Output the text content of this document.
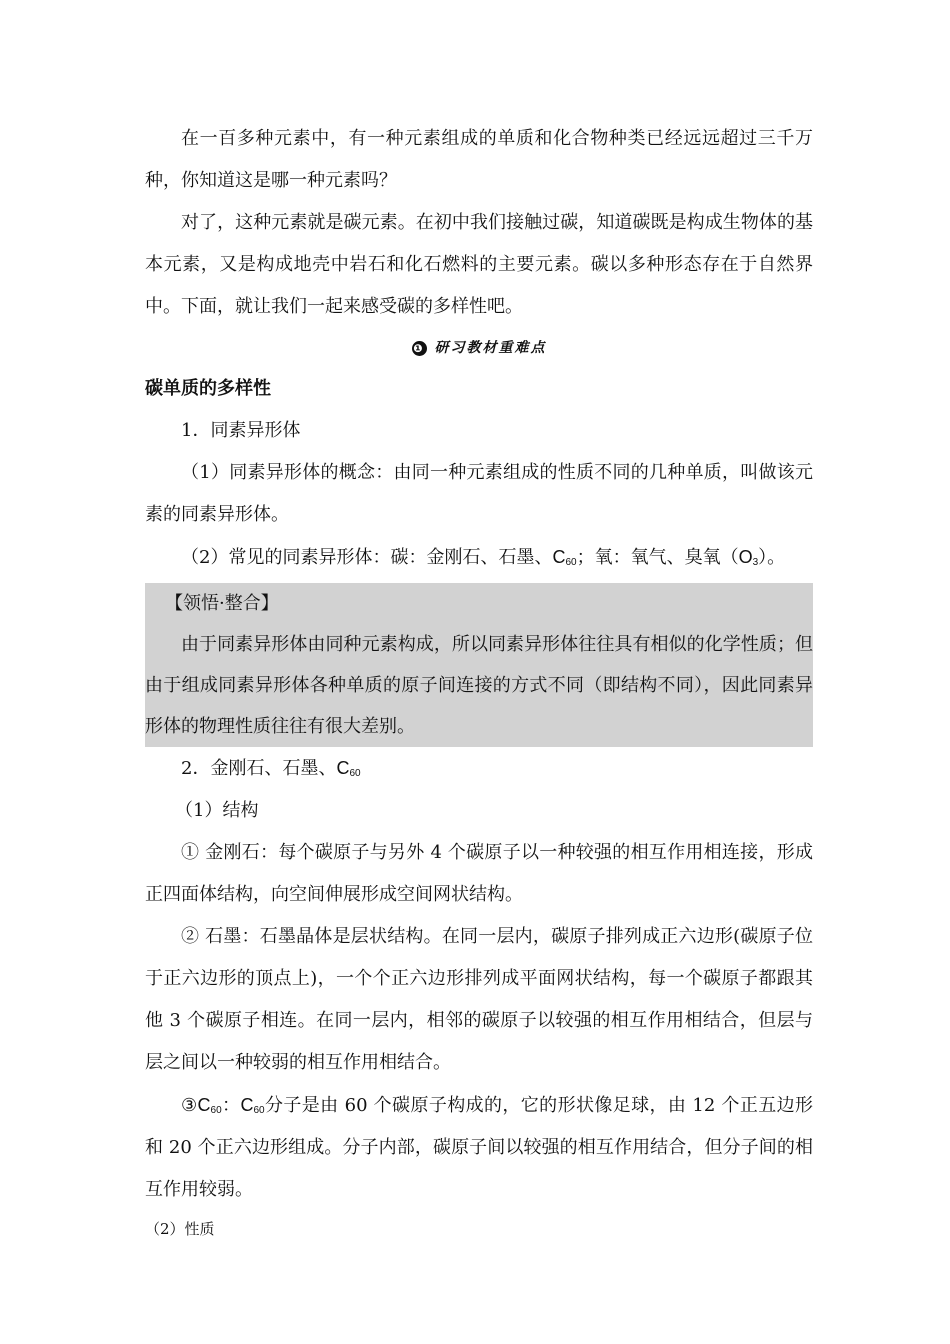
在一百多种元素中，有一种元素组成的单质和化合物种类已经远远超过三千万种，你知道这是哪一种元素吗？

对了，这种元素就是碳元素。在初中我们接触过碳，知道碳既是构成生物体的基本元素，又是构成地壳中岩石和化石燃料的主要元素。碳以多种形态存在于自然界中。下面，就让我们一起来感受碳的多样性吧。

❶ 研习教材重难点

碳单质的多样性

1．同素异形体

（1）同素异形体的概念：由同一种元素组成的性质不同的几种单质，叫做该元素的同素异形体。

（2）常见的同素异形体：碳：金刚石、石墨、$C_{60}$；氧：氧气、臭氧$(O_3)$。

【领悟·整合】

由于同素异形体由同种元素构成，所以同素异形体往往具有相似的化学性质；但由于组成同素异形体各种单质的原子间连接的方式不同（即结构不同），因此同素异形体的物理性质往往有很大差别。

2．金刚石、石墨、$C_{60}$

（1）结构

① 金刚石：每个碳原子与另外 4 个碳原子以一种较强的相互作用相连接，形成正四面体结构，向空间伸展形成空间网状结构。

② 石墨：石墨晶体是层状结构。在同一层内，碳原子排列成正六边形(碳原子位于正六边形的顶点上)，一个个正六边形排列成平面网状结构，每一个碳原子都跟其他 3 个碳原子相连。在同一层内，相邻的碳原子以较强的相互作用相结合，但层与层之间以一种较弱的相互作用相结合。

$③C_{60}$：$C_{60}$分子是由 60 个碳原子构成的，它的形状像足球，由 12 个正五边形和 20 个正六边形组成。分子内部，碳原子间以较强的相互作用结合，但分子间的相互作用较弱。

（2）性质
